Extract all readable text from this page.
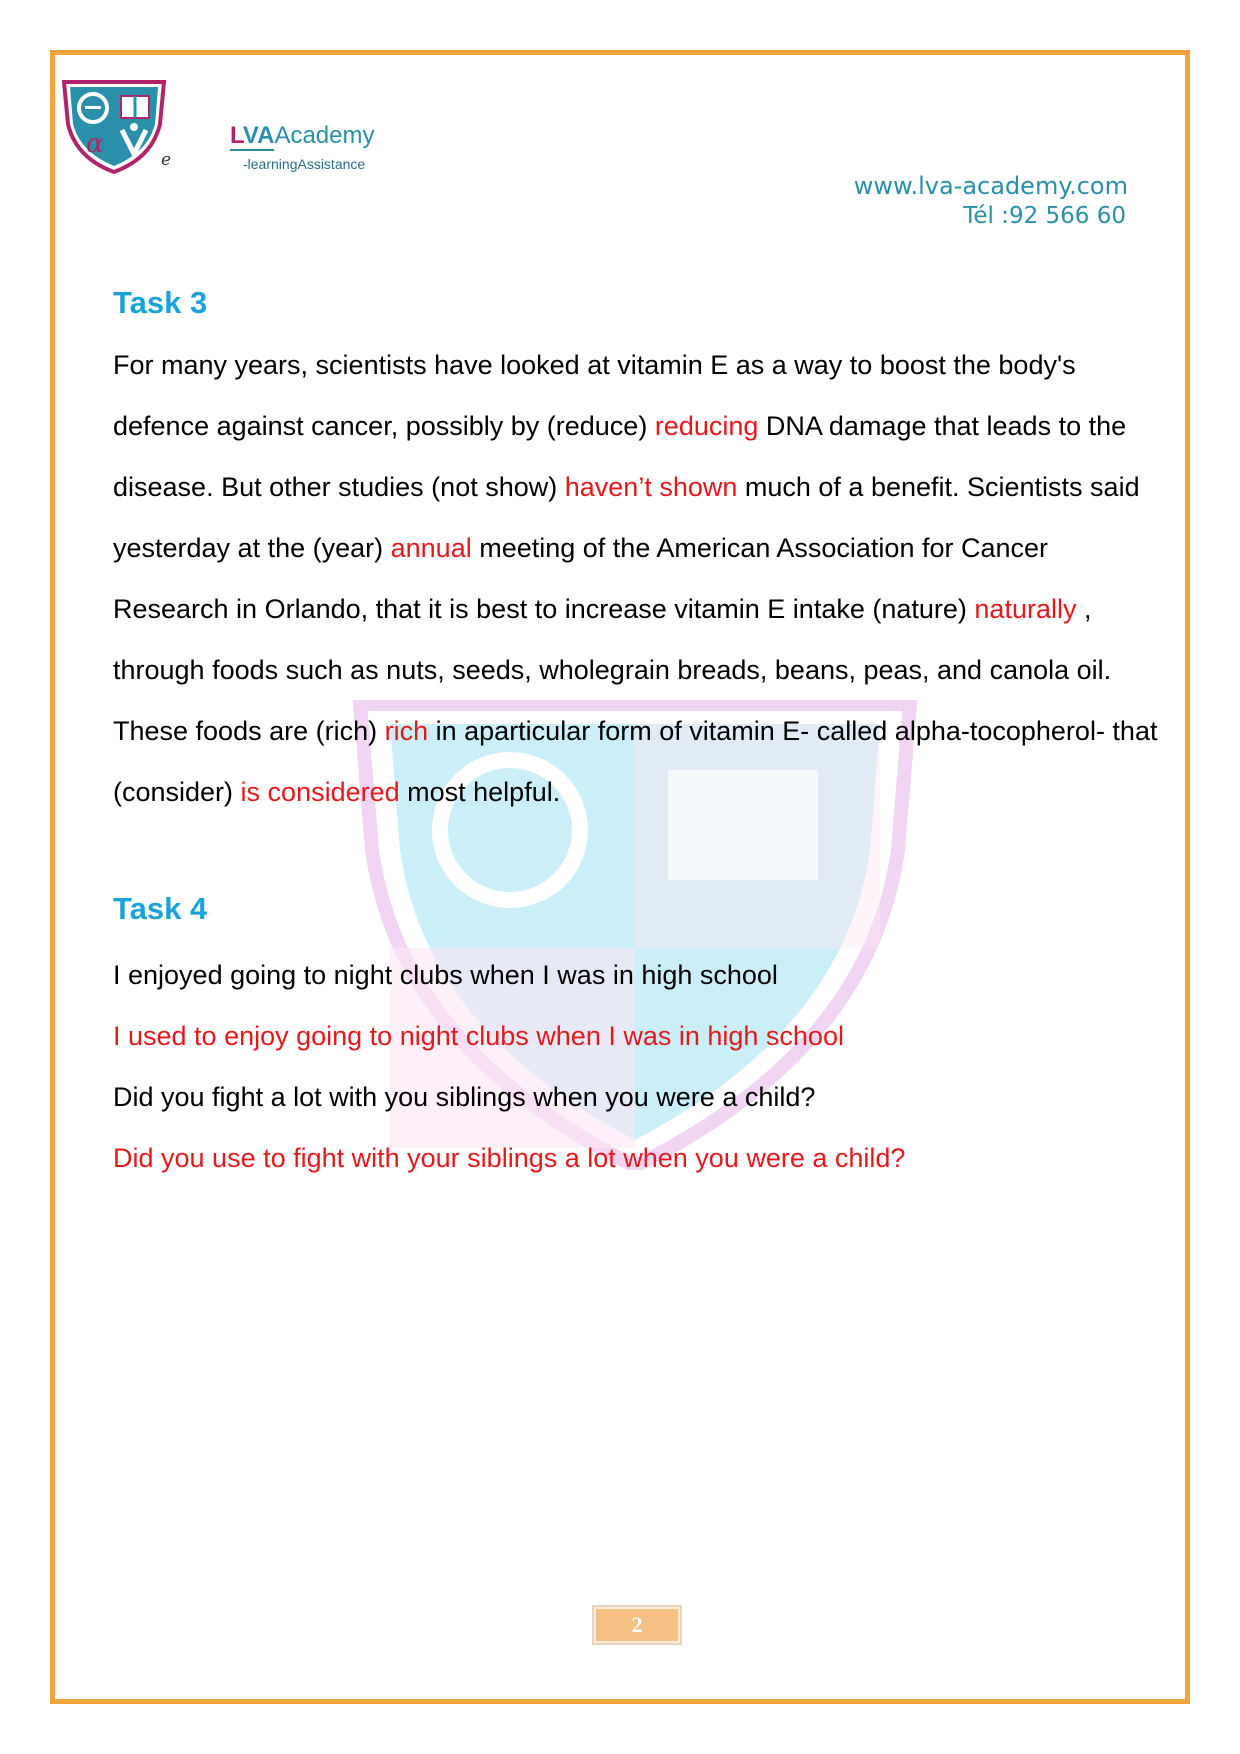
α
e
LVAAcademy
-learningAssistance
www.lva-academy.com
Tél :92 566 60
Task 3

For many years, scientists have looked at vitamin E as a way to boost the body's defence against cancer, possibly by (reduce) reducing DNA damage that leads to the disease. But other studies (not show) haven’t shown much of a benefit. Scientists said yesterday at the (year) annual meeting of the American Association for Cancer Research in Orlando, that it is best to increase vitamin E intake (nature) naturally , through foods such as nuts, seeds, wholegrain breads, beans, peas, and canola oil. These foods are (rich) rich in aparticular form of vitamin E- called alpha-tocopherol- that (consider) is considered most helpful.

Task 4
I enjoyed going to night clubs when I was in high school
I used to enjoy going to night clubs when I was in high school
Did you fight a lot with you siblings when you were a child?
Did you use to fight with your siblings a lot when you were a child?
2
